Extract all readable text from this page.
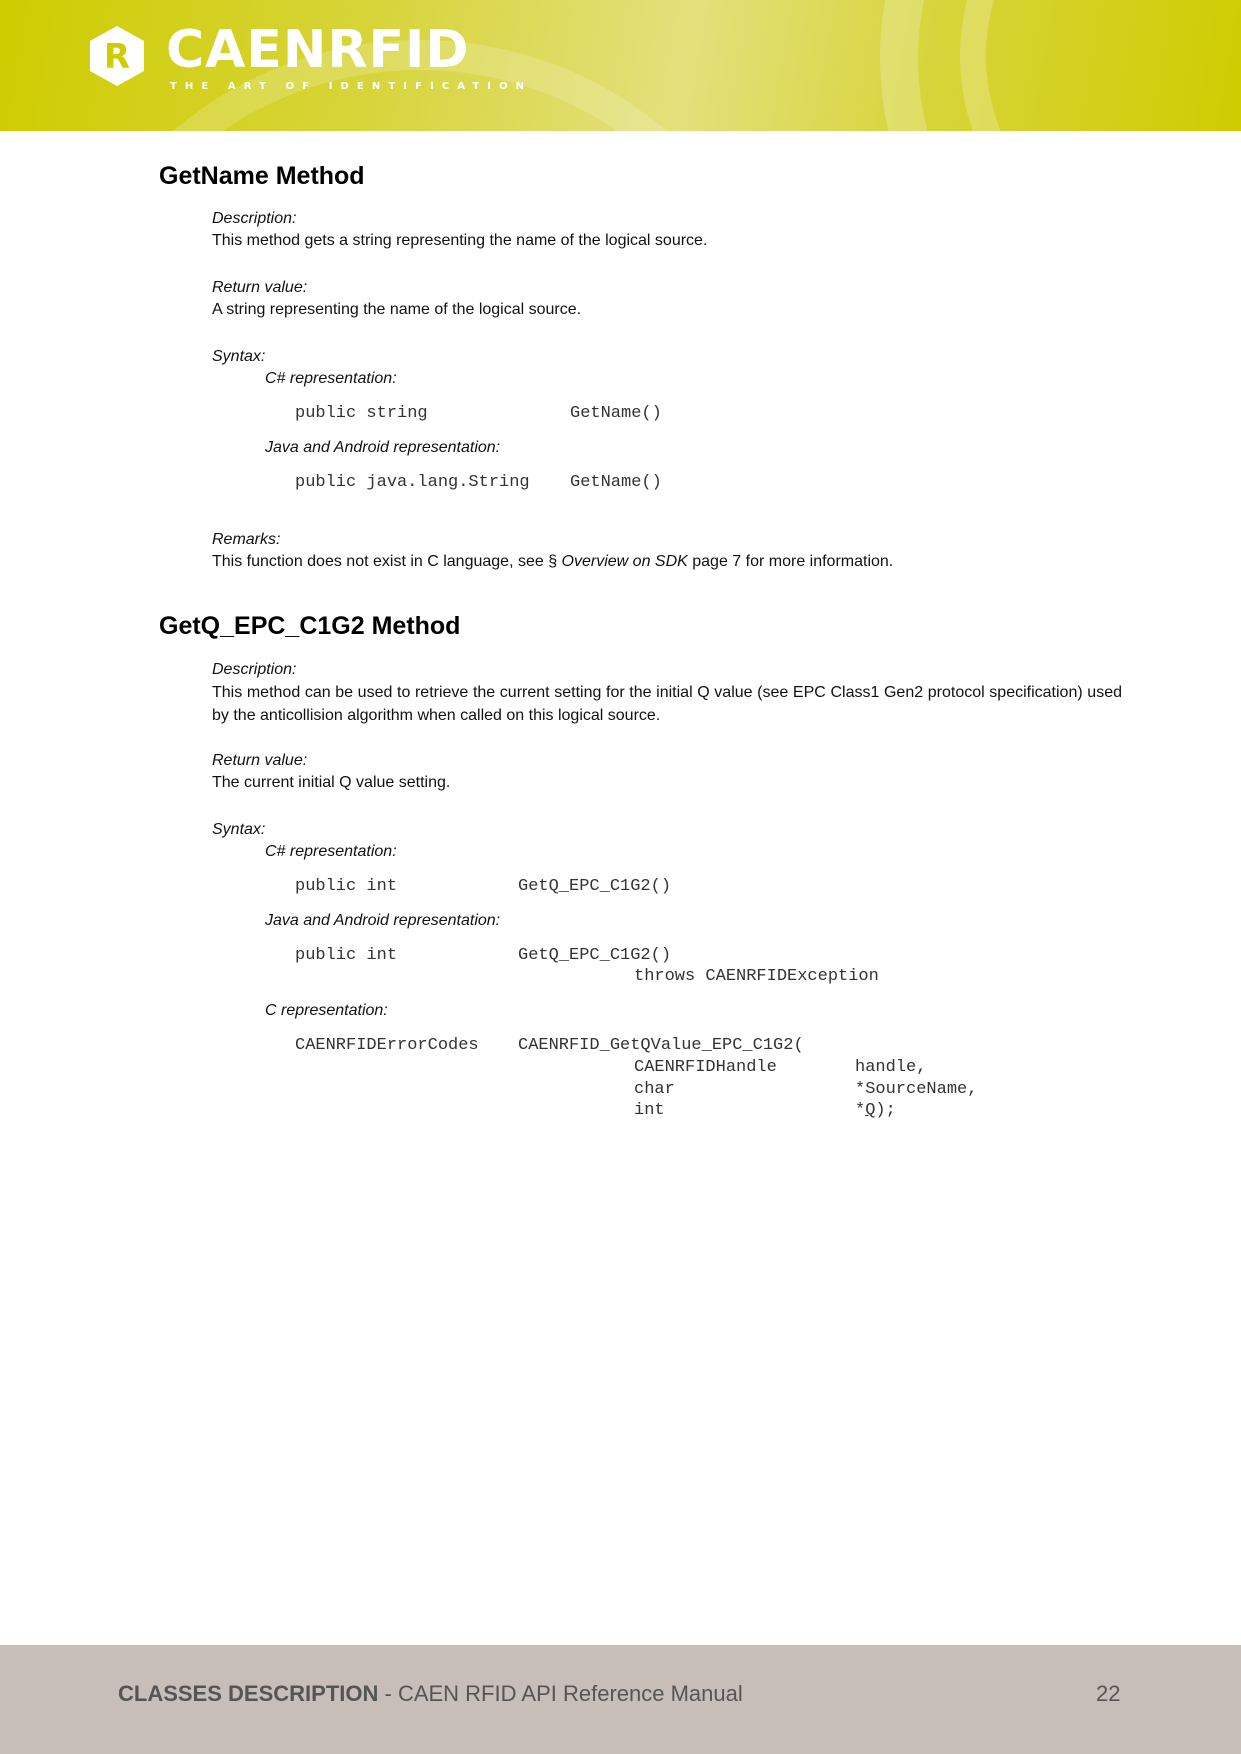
R CAENRFID
THE ART OF IDENTIFICATION
GetName Method
Description:
This method gets a string representing the name of the logical source.
Return value:
A string representing the name of the logical source.
Syntax:
C# representation:
public string	GetName()
Java and Android representation:
public java.lang.String GetName()
Remarks:
This function does not exist in C language, see § Overview on SDK page 7 for more information.
GetQ_EPC_C1G2 Method
Description:
This method can be used to retrieve the current setting for the initial Q value (see EPC Class1 Gen2 protocol specification) used by the anticollision algorithm when called on this logical source.
Return value:
The current initial Q value setting.
Syntax:
C# representation:
public int	GetQ_EPC_C1G2()
Java and Android representation:
public int	GetQ_EPC_C1G2()
throws CAENRFIDException
C representation:
CAENRFIDErrorCodes CAENRFID_GetQValue_EPC_C1G2(
CAENRFIDHandle	handle,
char	*SourceName,
int	*Q);
CLASSES DESCRIPTION - CAEN RFID API Reference Manual	22
